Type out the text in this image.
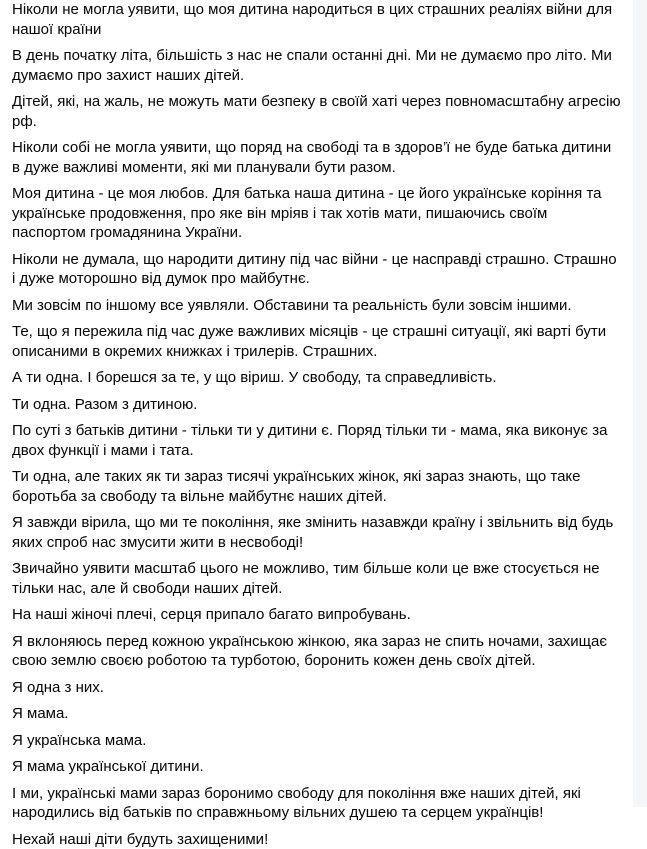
Ніколи не могла уявити, що моя дитина народиться в цих страшних реаліях війни для нашої країни

В день початку літа, більшість з нас не спали останні дні. Ми не думаємо про літо. Ми думаємо про захист наших дітей.

Дітей, які, на жаль, не можуть мати безпеку в своїй хаті через повномасштабну агресію рф.

Ніколи собі не могла уявити, що поряд на свободі та в здоров’ї не буде батька дитини в дуже важливі моменти, які ми планували бути разом.

Моя дитина - це моя любов. Для батька наша дитина - це його українське коріння та українське продовження, про яке він мріяв і так хотів мати, пишаючись своїм паспортом громадянина України.

Ніколи не думала, що народити дитину під час війни - це насправді страшно. Страшно і дуже моторошно від думок про майбутнє.

Ми зовсім по іншому все уявляли. Обставини та реальність були зовсім іншими.

Те, що я пережила під час дуже важливих місяців - це страшні ситуації, які варті бути описаними в окремих книжках і трилерів. Страшних.

А ти одна. І борешся за те, у що віриш. У свободу, та справедливість.

Ти одна. Разом з дитиною.

По суті з батьків дитини - тільки ти у дитини є. Поряд тільки ти - мама, яка виконує за двох функції і мами і тата.

Ти одна, але таких як ти зараз тисячі українських жінок, які зараз знають, що таке боротьба за свободу та вільне майбутнє наших дітей.

Я завжди вірила, що ми те покоління, яке змінить назавжди країну і звільнить від будь яких спроб нас змусити жити в несвободі!

Звичайно уявити масштаб цього не можливо, тим більше коли це вже стосується не тільки нас, але й свободи наших дітей.

На наші жіночі плечі, серця припало багато випробувань.

Я вклоняюсь перед кожною українською жінкою, яка зараз не спить ночами, захищає свою землю своєю роботою та турботою, боронить кожен день своїх дітей.

Я одна з них.

Я мама.

Я українська мама.

Я мама української дитини.

І ми, українські мами зараз боронимо свободу для покоління вже наших дітей, які народились від батьків по справжньому вільних душею та серцем українців!

Нехай наші діти будуть захищеними!
